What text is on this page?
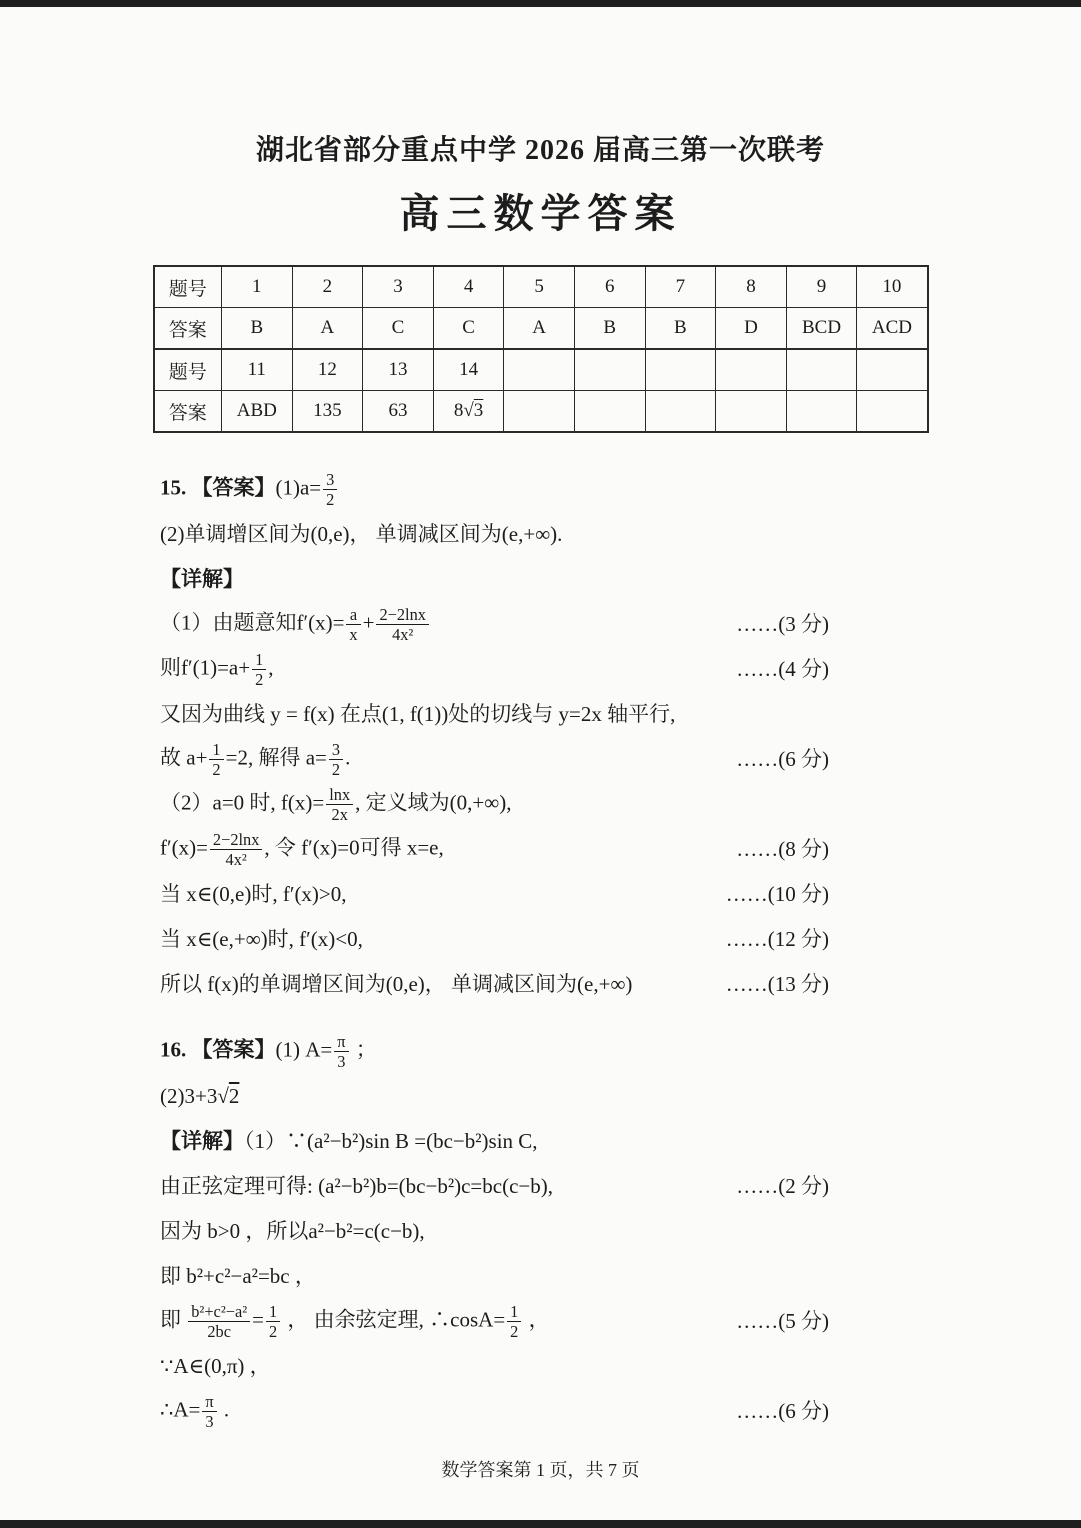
湖北省部分重点中学 2026 届高三第一次联考
高三数学答案
题号	1	2	3	4	5	6	7	8	9	10
答案	B	A	C	C	A	B	B	D	BCD	ACD
题号	11	12	13	14						
答案	ABD	135	63	8√3						
15. 【答案】$(1)a= \frac{3}{2}$
(2)单调增区间为(0,e)， 单调减区间为(e,+∞).
【详解】
（1）由题意知$f'(x)= \frac{a}{x} + \frac{2-2\ln x}{\text{4x²}}$	……(3 分)
则$f'(1)=a+ \frac{1}{2}$ ,	……(4 分)
又因为曲线 y = f(x) 在点(1, f(1))处的切线与 y=2x 轴平行,
故 $a+ \frac{1}{2} =2$, 解得 $a= \frac{3}{2}$ .	……(6 分)
（2）a=0 时, $f(x)= \frac{\ln x}{2x}$ , 定义域为(0,+∞),
$f'(x)= \frac{2-2\ln x}{\text{4x²}}$ , 令 f′(x)=0可得 x=e,	……(8 分)
当 x∈(0,e)时, f′(x)>0,	……(10 分)
当 x∈(e,+∞)时, f′(x)<0,	……(12 分)
所以 f(x)的单调增区间为(0,e)， 单调减区间为(e,+∞)	……(13 分)
16. 【答案】(1) $A= \frac{\pi}{3}$ ；
(2)3+3√2
【详解】（1）∵(a²−b²)sin B =(bc−b²)sin C,
由正弦定理可得: (a²−b²)b=(bc−b²)c=bc(c−b),	……(2 分)
因为 b>0 ，所以a²−b²=c(c−b),
即 b²+c²−a²=bc ，
即 $\frac{\text{b²+c²−a²}}{2bc} = \frac{1}{2}$ ， 由余弦定理, ∴cosA= $\frac{1}{2}$ ，	……(5 分)
∵A∈(0,π) ，
∴A= $\frac{\pi}{3}$ .	……(6 分)
数学答案第 1 页，共 7 页
